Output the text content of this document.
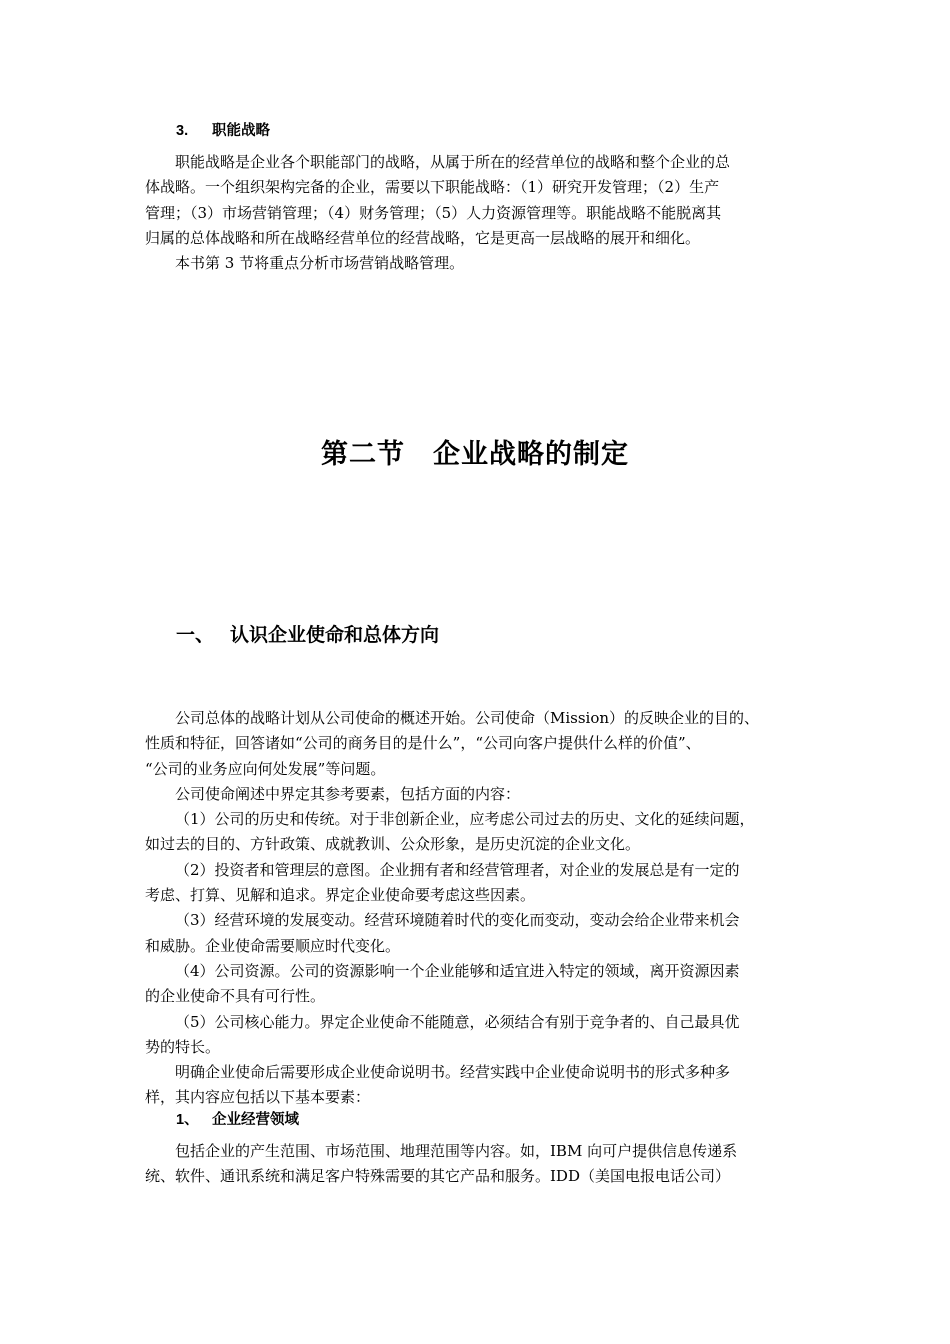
3. 职能战略
职能战略是企业各个职能部门的战略，从属于所在的经营单位的战略和整个企业的总
体战略。一个组织架构完备的企业，需要以下职能战略：（1）研究开发管理；（2）生产
管理；（3）市场营销管理；（4）财务管理；（5）人力资源管理等。职能战略不能脱离其
归属的总体战略和所在战略经营单位的经营战略，它是更高一层战略的展开和细化。
本书第 3 节将重点分析市场营销战略管理。
第二节　企业战略的制定
一、 认识企业使命和总体方向
公司总体的战略计划从公司使命的概述开始。公司使命（Mission）的反映企业的目的、
性质和特征，回答诸如“公司的商务目的是什么”，“公司向客户提供什么样的价值”、
“公司的业务应向何处发展”等问题。
公司使命阐述中界定其参考要素，包括方面的内容：
（1）公司的历史和传统。对于非创新企业，应考虑公司过去的历史、文化的延续问题，
如过去的目的、方针政策、成就教训、公众形象，是历史沉淀的企业文化。
（2）投资者和管理层的意图。企业拥有者和经营管理者，对企业的发展总是有一定的
考虑、打算、见解和追求。界定企业使命要考虑这些因素。
（3）经营环境的发展变动。经营环境随着时代的变化而变动，变动会给企业带来机会
和威胁。企业使命需要顺应时代变化。
（4）公司资源。公司的资源影响一个企业能够和适宜进入特定的领域，离开资源因素
的企业使命不具有可行性。
（5）公司核心能力。界定企业使命不能随意，必须结合有别于竞争者的、自己最具优
势的特长。
明确企业使命后需要形成企业使命说明书。经营实践中企业使命说明书的形式多种多
样，其内容应包括以下基本要素：
1、 企业经营领域
包括企业的产生范围、市场范围、地理范围等内容。如，IBM 向可户提供信息传递系
统、软件、通讯系统和满足客户特殊需要的其它产品和服务。IDD（美国电报电话公司）
